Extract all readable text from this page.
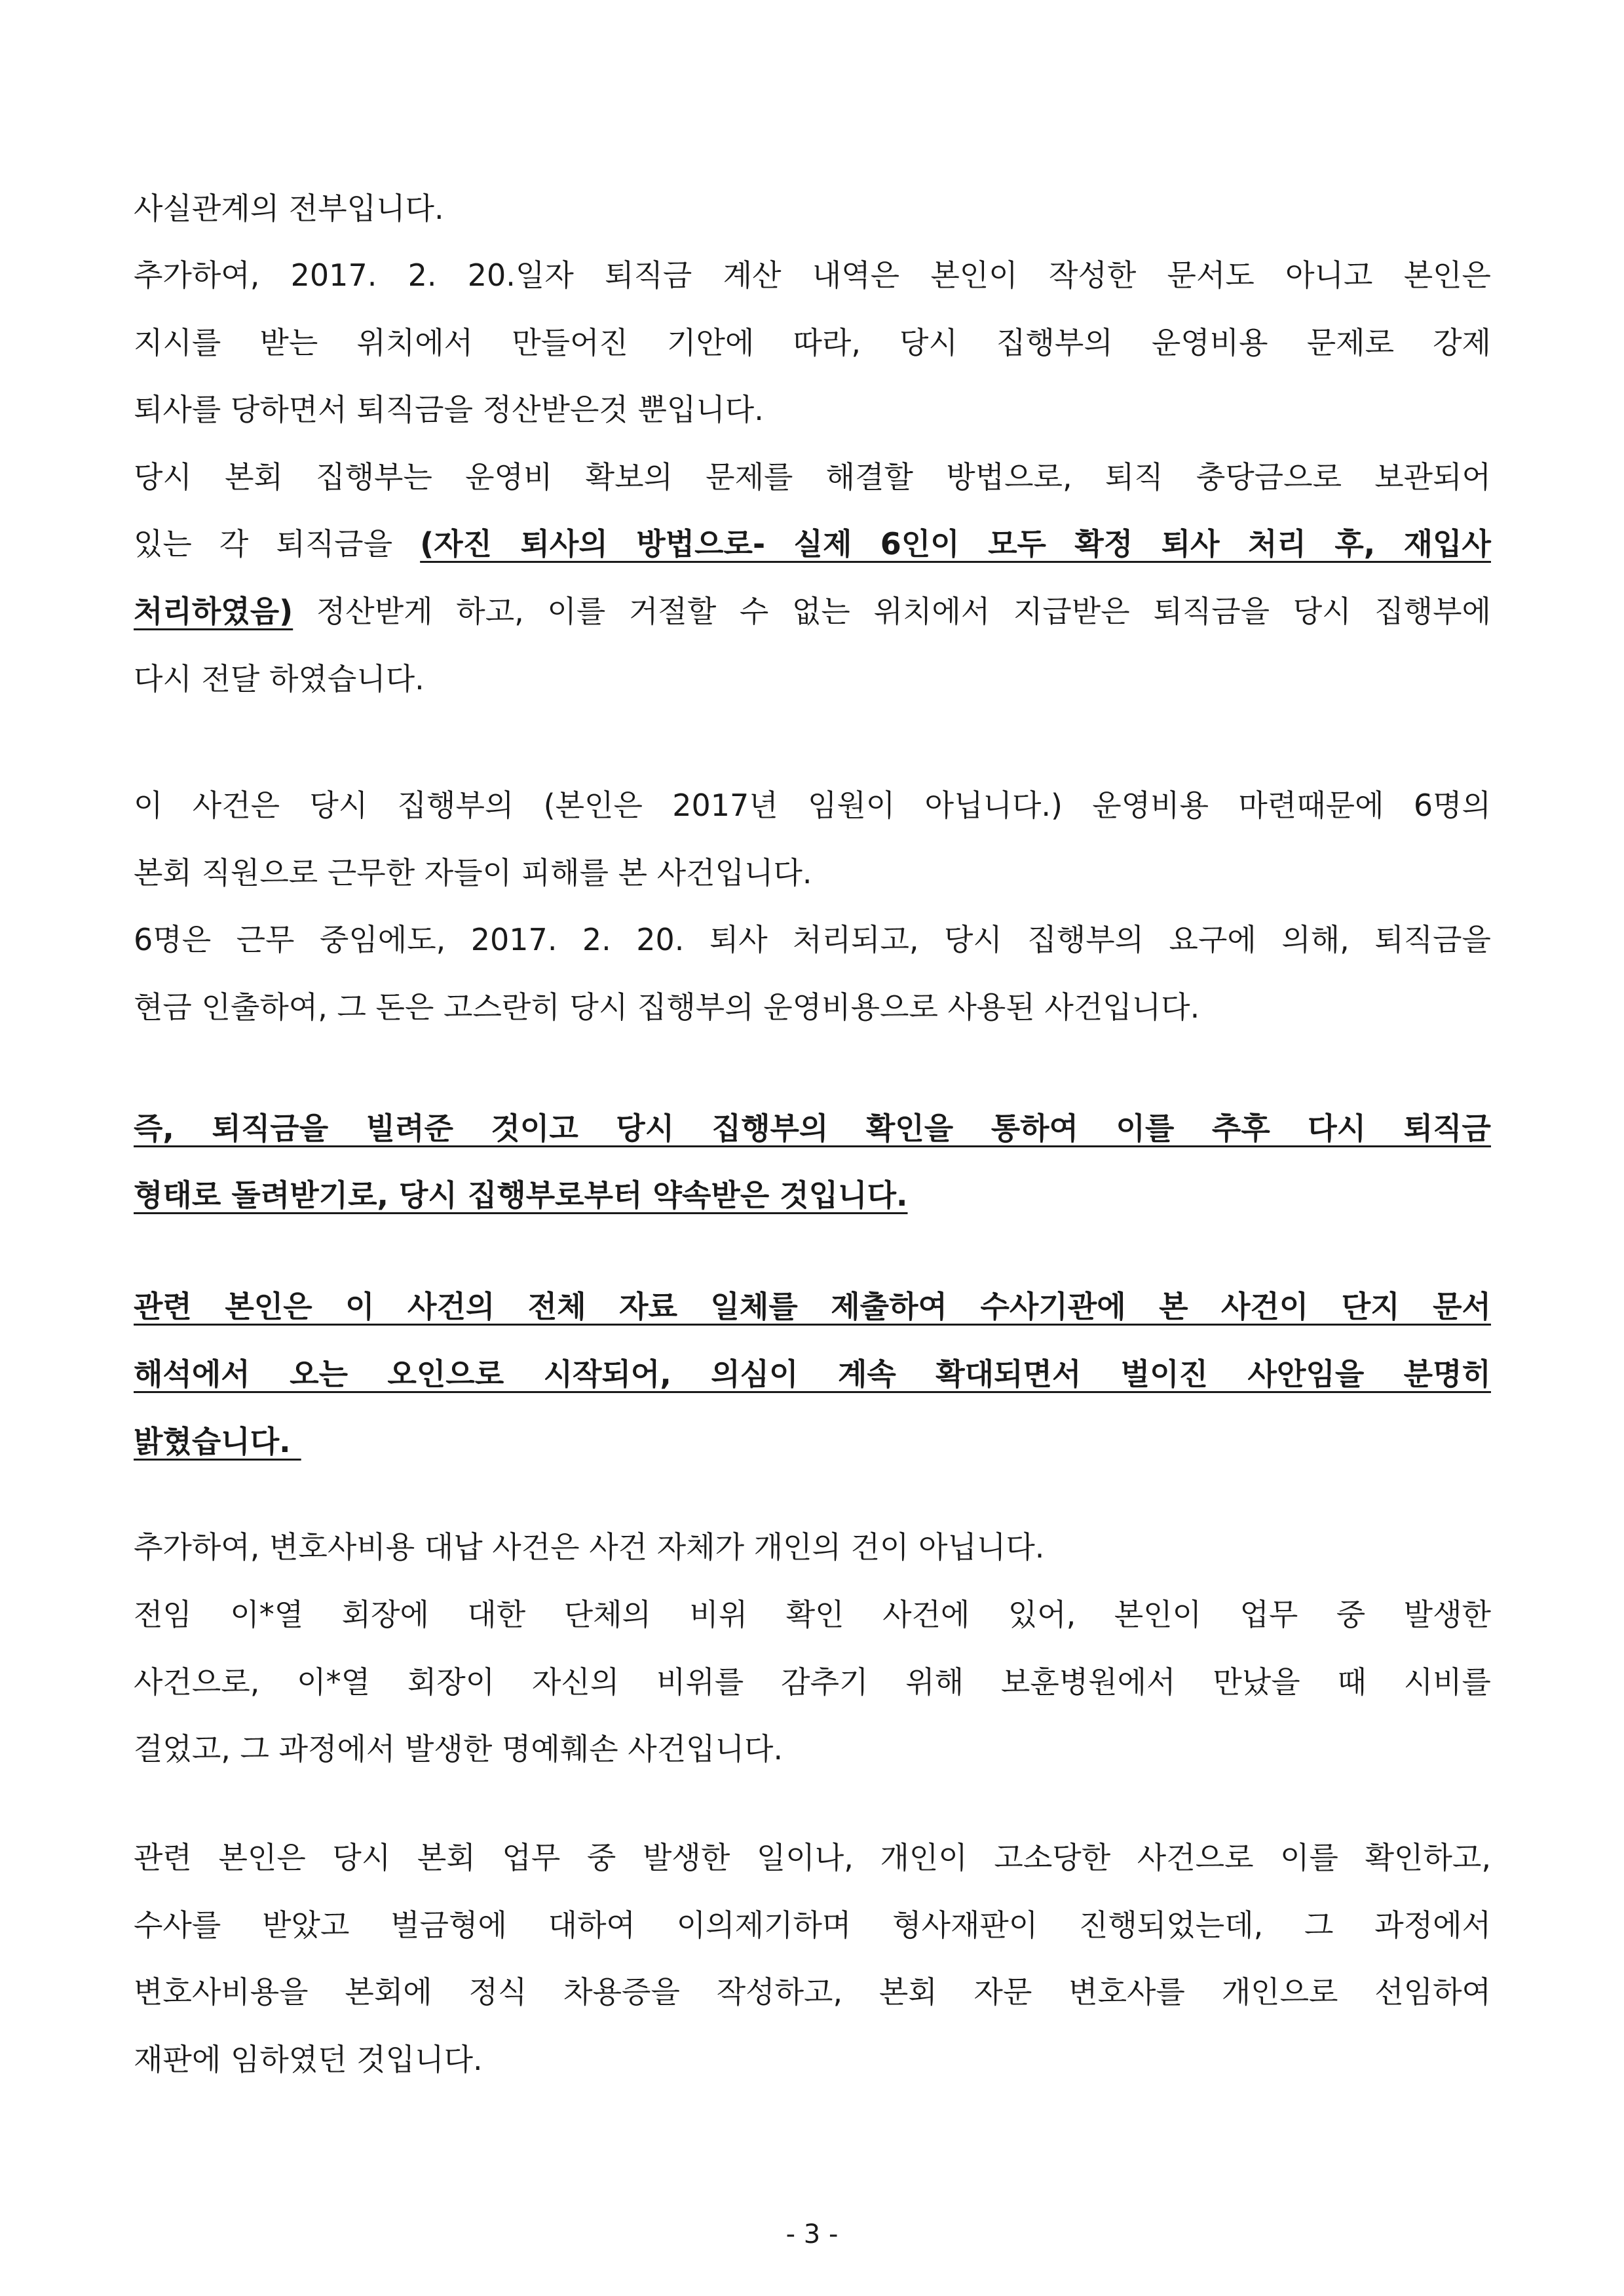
사실관계의 전부입니다.
추가하여, 2017. 2. 20.일자 퇴직금 계산 내역은 본인이 작성한 문서도 아니고 본인은
지시를 받는 위치에서 만들어진 기안에 따라, 당시 집행부의 운영비용 문제로 강제
퇴사를 당하면서 퇴직금을 정산받은것 뿐입니다.
당시 본회 집행부는 운영비 확보의 문제를 해결할 방법으로, 퇴직 충당금으로 보관되어
있는 각 퇴직금을 (자진 퇴사의 방법으로- 실제 6인이 모두 확정 퇴사 처리 후, 재입사
처리하였음) 정산받게 하고, 이를 거절할 수 없는 위치에서 지급받은 퇴직금을 당시 집행부에
다시 전달 하였습니다.
이 사건은 당시 집행부의 (본인은 2017년 임원이 아닙니다.) 운영비용 마련때문에 6명의
본회 직원으로 근무한 자들이 피해를 본 사건입니다.
6명은 근무 중임에도, 2017. 2. 20. 퇴사 처리되고, 당시 집행부의 요구에 의해, 퇴직금을
현금 인출하여, 그 돈은 고스란히 당시 집행부의 운영비용으로 사용된 사건입니다.
즉, 퇴직금을 빌려준 것이고 당시 집행부의 확인을 통하여 이를 추후 다시 퇴직금
형태로 돌려받기로, 당시 집행부로부터 약속받은 것입니다.
관련 본인은 이 사건의 전체 자료 일체를 제출하여 수사기관에 본 사건이 단지 문서
해석에서 오는 오인으로 시작되어, 의심이 계속 확대되면서 벌이진 사안임을 분명히
밝혔습니다.
추가하여, 변호사비용 대납 사건은 사건 자체가 개인의 건이 아닙니다.
전임 이*열 회장에 대한 단체의 비위 확인 사건에 있어, 본인이 업무 중 발생한
사건으로, 이*열 회장이 자신의 비위를 감추기 위해 보훈병원에서 만났을 때 시비를
걸었고, 그 과정에서 발생한 명예훼손 사건입니다.
관련 본인은 당시 본회 업무 중 발생한 일이나, 개인이 고소당한 사건으로 이를 확인하고,
수사를 받았고 벌금형에 대하여 이의제기하며 형사재판이 진행되었는데, 그 과정에서
변호사비용을 본회에 정식 차용증을 작성하고, 본회 자문 변호사를 개인으로 선임하여
재판에 임하였던 것입니다.
- 3 -
